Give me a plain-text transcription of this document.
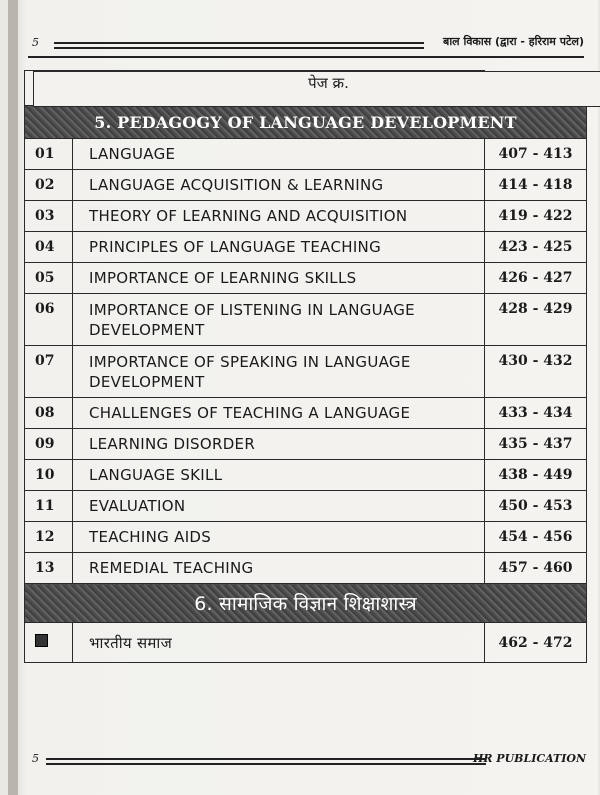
5	बाल विकास (द्वारा - हरिराम पटेल)

पेज क्र.

5. PEDAGOGY OF LANGUAGE DEVELOPMENT		
01	LANGUAGE	407 - 413
02	LANGUAGE ACQUISITION & LEARNING	414 - 418
03	THEORY OF LEARNING AND ACQUISITION	419 - 422
04	PRINCIPLES OF LANGUAGE TEACHING	423 - 425
05	IMPORTANCE OF LEARNING SKILLS	426 - 427
06	IMPORTANCE OF LISTENING IN LANGUAGE DEVELOPMENT	428 - 429
07	IMPORTANCE OF SPEAKING IN LANGUAGE DEVELOPMENT	430 - 432
08	CHALLENGES OF TEACHING A LANGUAGE	433 - 434
09	LEARNING DISORDER	435 - 437
10	LANGUAGE SKILL	438 - 449
11	EVALUATION	450 - 453
12	TEACHING AIDS	454 - 456
13	REMEDIAL TEACHING	457 - 460
6. सामाजिक विज्ञान शिक्षाशास्त्र		
	भारतीय समाज	462 - 472
5	HR PUBLICATION
